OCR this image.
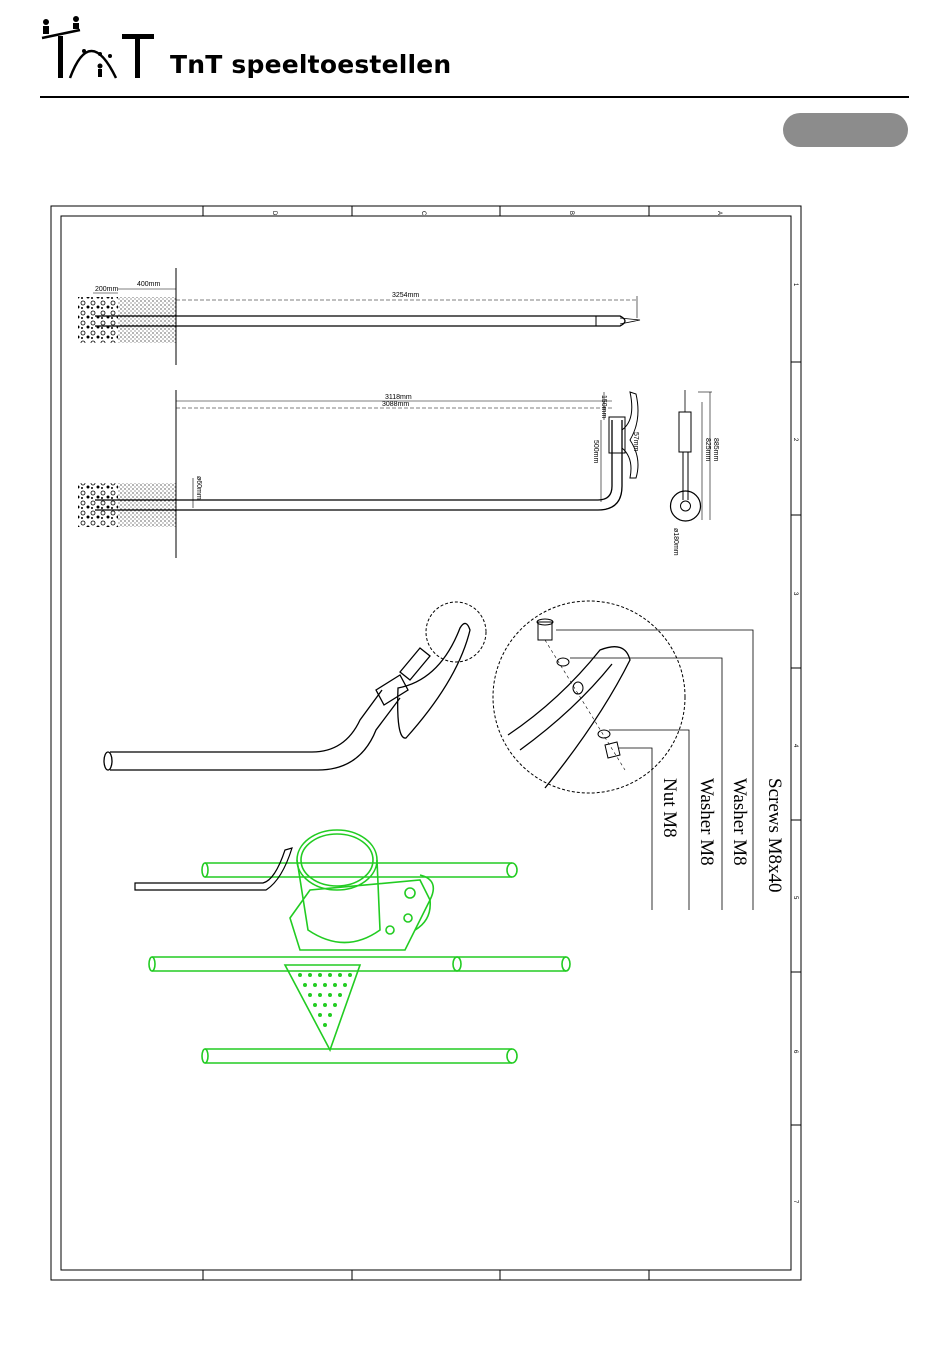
TnT speeltoestellen
D	C	B	A
1
2
3
4
5
6
7
200mm
400mm
3254mm
3118mm
3088mm	150mm
500mm	57mm
ø60mm
885mm
825mm
ø180mm
Screws M8x40
Washer M8
Washer M8
Nut M8
